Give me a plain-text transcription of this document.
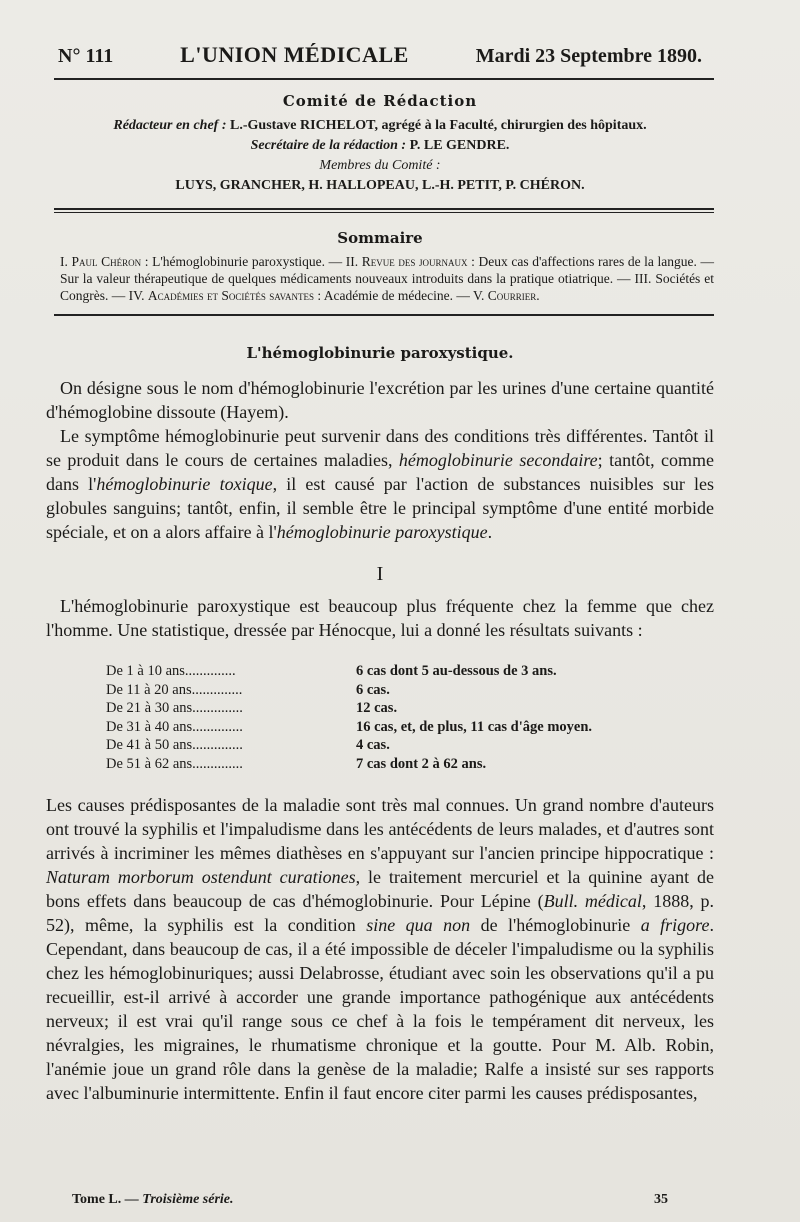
N° 111	L'UNION MÉDICALE	Mardi 23 Septembre 1890.
Comité de Rédaction
Rédacteur en chef : L.-Gustave RICHELOT, agrégé à la Faculté, chirurgien des hôpitaux.
Secrétaire de la rédaction : P. LE GENDRE.
Membres du Comité :
LUYS, GRANCHER, H. HALLOPEAU, L.-H. PETIT, P. CHÉRON.
Sommaire
I. Paul Chéron : L'hémoglobinurie paroxystique. — II. Revue des journaux : Deux cas d'affections rares de la langue. — Sur la valeur thérapeutique de quelques médicaments nouveaux introduits dans la pratique otiatrique. — III. Sociétés et Congrès. — IV. Académies et Sociétés savantes : Académie de médecine. — V. Courrier.
L'hémoglobinurie paroxystique.

On désigne sous le nom d'hémoglobinurie l'excrétion par les urines d'une certaine quantité d'hémoglobine dissoute (Hayem).

Le symptôme hémoglobinurie peut survenir dans des conditions très différentes. Tantôt il se produit dans le cours de certaines maladies, hémoglobinurie secondaire; tantôt, comme dans l'hémoglobinurie toxique, il est causé par l'action de substances nuisibles sur les globules sanguins; tantôt, enfin, il semble être le principal symptôme d'une entité morbide spéciale, et on a alors affaire à l'hémoglobinurie paroxystique.

I

L'hémoglobinurie paroxystique est beaucoup plus fréquente chez la femme que chez l'homme. Une statistique, dressée par Hénocque, lui a donné les résultats suivants :

De 1 à 10 ans..............	6 cas dont 5 au-dessous de 3 ans.
De 11 à 20 ans..............	6 cas.
De 21 à 30 ans..............	12 cas.
De 31 à 40 ans..............	16 cas, et, de plus, 11 cas d'âge moyen.
De 41 à 50 ans..............	4 cas.
De 51 à 62 ans..............	7 cas dont 2 à 62 ans.

Les causes prédisposantes de la maladie sont très mal connues. Un grand nombre d'auteurs ont trouvé la syphilis et l'impaludisme dans les antécédents de leurs malades, et d'autres sont arrivés à incriminer les mêmes diathèses en s'appuyant sur l'ancien principe hippocratique : Naturam morborum ostendunt curationes, le traitement mercuriel et la quinine ayant de bons effets dans beaucoup de cas d'hémoglobinurie. Pour Lépine (Bull. médical, 1888, p. 52), même, la syphilis est la condition sine qua non de l'hémoglobinurie a frigore. Cependant, dans beaucoup de cas, il a été impossible de déceler l'impaludisme ou la syphilis chez les hémoglobinuriques; aussi Delabrosse, étudiant avec soin les observations qu'il a pu recueillir, est-il arrivé à accorder une grande importance pathogénique aux antécédents nerveux; il est vrai qu'il range sous ce chef à la fois le tempérament dit nerveux, les névralgies, les migraines, le rhumatisme chronique et la goutte. Pour M. Alb. Robin, l'anémie joue un grand rôle dans la genèse de la maladie; Ralfe a insisté sur ses rapports avec l'albuminurie intermittente. Enfin il faut encore citer parmi les causes prédisposantes,

Tome L. — Troisième série.	35
